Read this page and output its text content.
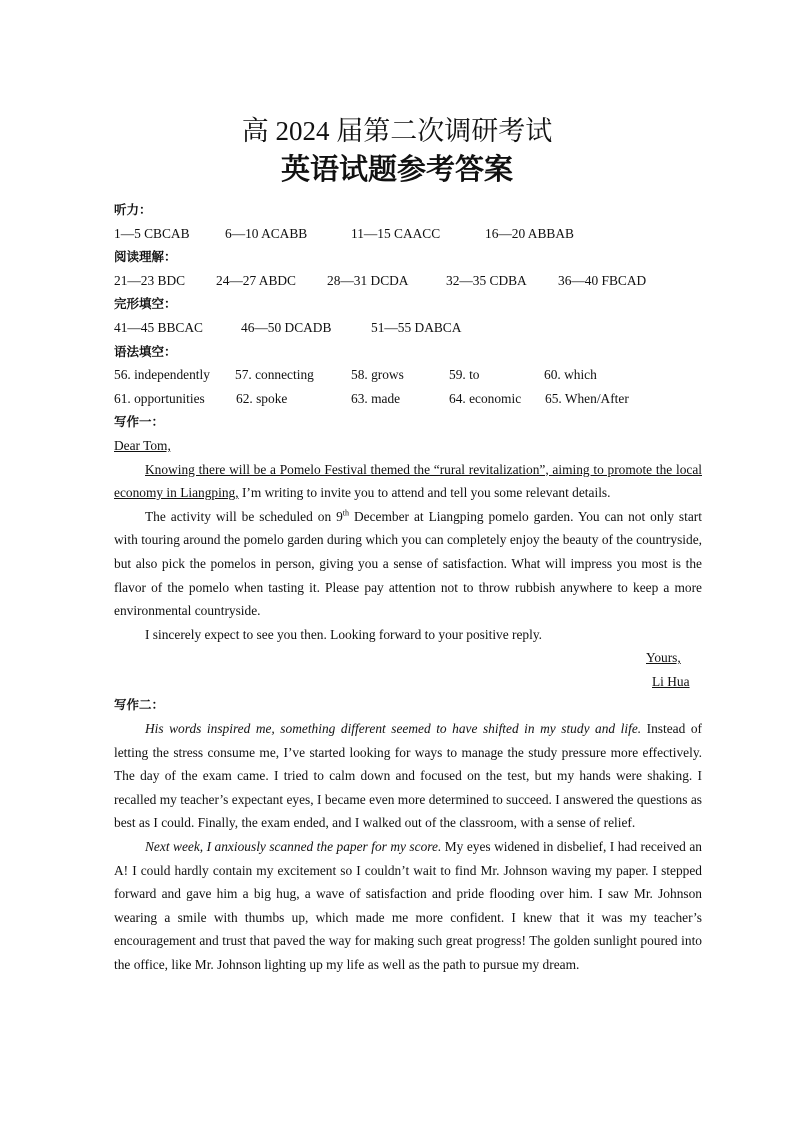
高 2024 届第二次调研考试
英语试题参考答案
听力：
1—5 CBCAB	6—10 ACABB	11—15 CAACC	16—20 ABBAB
阅读理解：
21—23 BDC 24—27 ABDC 28—31 DCDA	32—35 CDBA 36—40 FBCAD
完形填空：
41—45 BBCAC	46—50 DCADB	51—55 DABCA
语法填空：
56. independently 57. connecting	58. grows	59. to	60. which
61. opportunities 62. spoke	63. made	64. economic 65. When/After
写作一：
Dear Tom,

Knowing there will be a Pomelo Festival themed the “rural revitalization”, aiming to promote the local economy in Liangping, I’m writing to invite you to attend and tell you some relevant details.

The activity will be scheduled on 9th December at Liangping pomelo garden. You can not only start with touring around the pomelo garden during which you can completely enjoy the beauty of the countryside, but also pick the pomelos in person, giving you a sense of satisfaction. What will impress you most is the flavor of the pomelo when tasting it. Please pay attention not to throw rubbish anywhere to keep a more environmental countryside.

I sincerely expect to see you then. Looking forward to your positive reply.

Yours,
Li Hua
写作二：

His words inspired me, something different seemed to have shifted in my study and life. Instead of letting the stress consume me, I’ve started looking for ways to manage the study pressure more effectively. The day of the exam came. I tried to calm down and focused on the test, but my hands were shaking. I recalled my teacher’s expectant eyes, I became even more determined to succeed. I answered the questions as best as I could. Finally, the exam ended, and I walked out of the classroom, with a sense of relief.

Next week, I anxiously scanned the paper for my score. My eyes widened in disbelief, I had received an A! I could hardly contain my excitement so I couldn’t wait to find Mr. Johnson waving my paper. I stepped forward and gave him a big hug, a wave of satisfaction and pride flooding over him. I saw Mr. Johnson wearing a smile with thumbs up, which made me more confident. I knew that it was my teacher’s encouragement and trust that paved the way for making such great progress! The golden sunlight poured into the office, like Mr. Johnson lighting up my life as well as the path to pursue my dream.
